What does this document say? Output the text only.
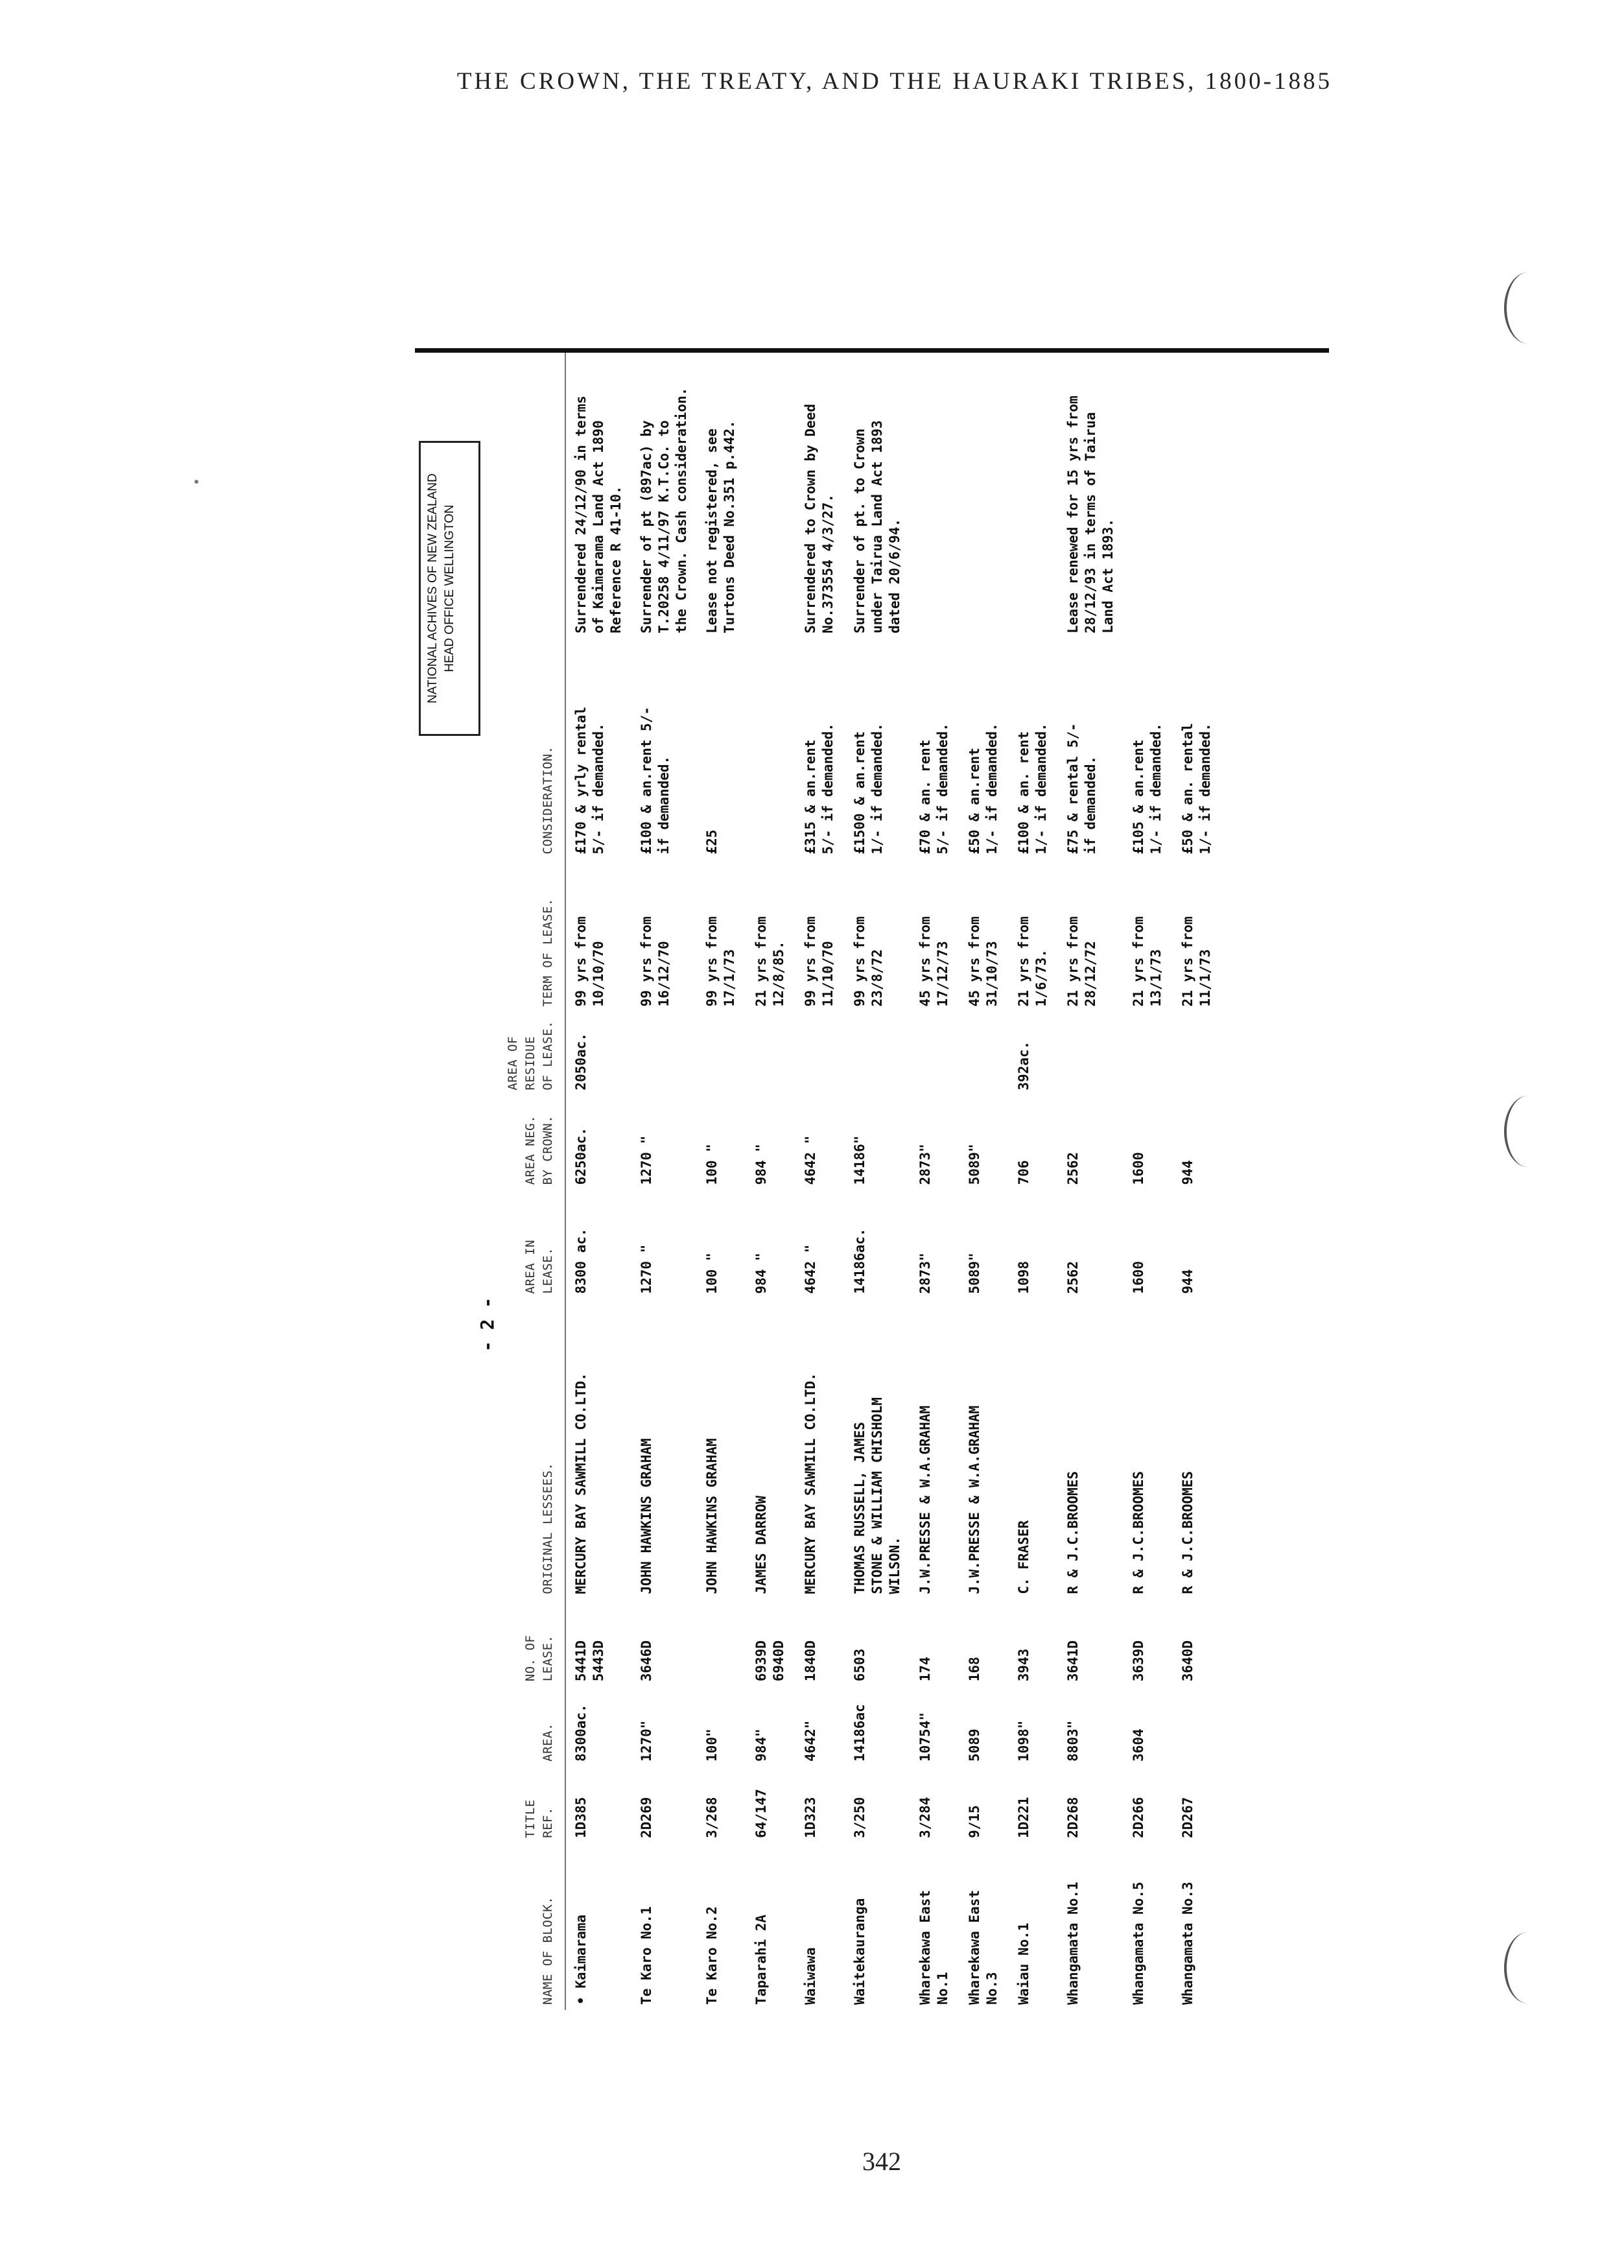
THE CROWN, THE TREATY, AND THE HAURAKI TRIBES, 1800-1885
- 2 -
NATIONAL ACHIVES OF NEW ZEALAND HEAD OFFICE WELLINGTON
NAME OF BLOCK.	TITLE REF.	AREA.	NO. OF LEASE.	ORIGINAL LESSEES.	AREA IN LEASE.	AREA NEG. BY CROWN.	AREA OF RESIDUE OF LEASE.	TERM OF LEASE.	CONSIDERATION.	
• Kaimarama	1D385	8300ac.	5441D
5443D	MERCURY BAY SAWMILL CO.LTD.	8300 ac.	6250ac.	2050ac.	99 yrs from
10/10/70	£170 & yrly rental
5/- if demanded.	Surrendered 24/12/90 in terms
of Kaimarama Land Act 1890
Reference R 41-10.
Te Karo No.1	2D269	1270"	3646D	JOHN HAWKINS GRAHAM	1270 "	1270 "		99 yrs from
16/12/70	£100 & an.rent 5/-
if demanded.	Surrender of pt (897ac) by
T.20258 4/11/97 K.T.Co. to
the Crown. Cash consideration.
Te Karo No.2	3/268	100"		JOHN HAWKINS GRAHAM	100 "	100 "		99 yrs from
17/1/73	£25	Lease not registered, see
Turtons Deed No.351 p.442.
Taparahi 2A	64/147	984"	6939D
6940D	JAMES DARROW	984 "	984 "		21 yrs from
12/8/85.		
Waiwawa	1D323	4642"	1840D	MERCURY BAY SAWMILL CO.LTD.	4642 "	4642 "		99 yrs from
11/10/70	£315 & an.rent
5/- if demanded.	Surrendered to Crown by Deed
No.373554 4/3/27.
Waitekauranga	3/250	14186ac	6503	THOMAS RUSSELL, JAMES
STONE & WILLIAM CHISHOLM
WILSON.	14186ac.	14186"		99 yrs from
23/8/72	£1500 & an.rent
1/- if demanded.	Surrender of pt. to Crown
under Tairua Land Act 1893
dated 20/6/94.
Wharekawa East
No.1	3/284	10754"	174	J.W.PRESSE & W.A.GRAHAM	2873"	2873"		45 yrs from
17/12/73	£70 & an. rent
5/- if demanded.	
Wharekawa East
No.3	9/15	5089	168	J.W.PRESSE & W.A.GRAHAM	5089"	5089"		45 yrs from
31/10/73	£50 & an.rent
1/- if demanded.	
Waiau No.1	1D221	1098"	3943	C. FRASER	1098	706	392ac.	21 yrs from
1/6/73.	£100 & an. rent
1/- if demanded.	
Whangamata No.1	2D268	8803"	3641D	R & J.C.BROOMES	2562	2562		21 yrs from
28/12/72	£75 & rental 5/-
if demanded.	Lease renewed for 15 yrs from
28/12/93 in terms of Tairua
Land Act 1893.
Whangamata No.5	2D266	3604	3639D	R & J.C.BROOMES	1600	1600		21 yrs from
13/1/73	£105 & an.rent
1/- if demanded.	
Whangamata No.3	2D267		3640D	R & J.C.BROOMES	944	944		21 yrs from
11/1/73	£50 & an. rental
1/- if demanded.	
342
